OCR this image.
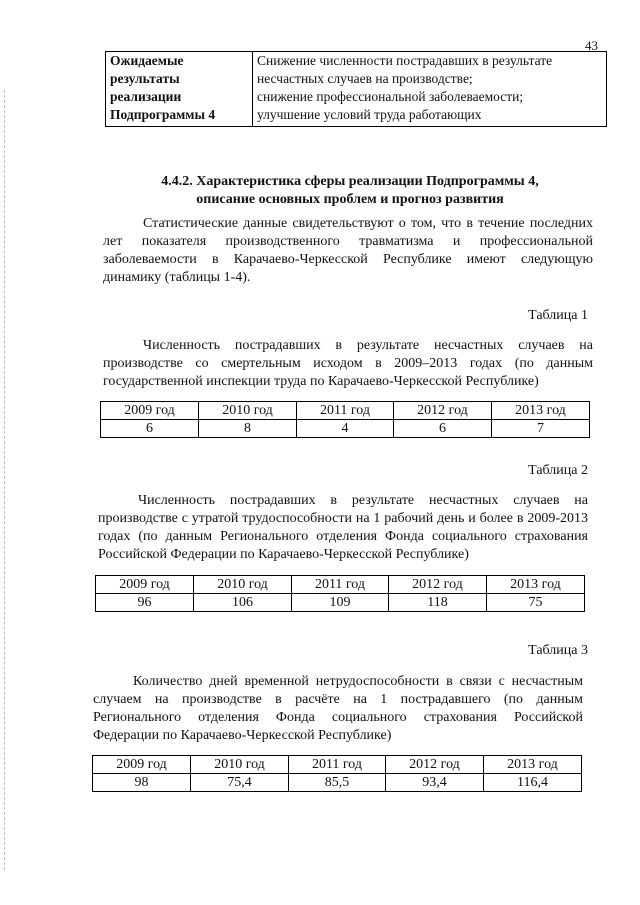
43
Ожидаемые
результаты
реализации
Подпрограммы 4

Снижение численности пострадавших в результате
несчастных случаев на производстве;
снижение профессиональной заболеваемости;
улучшение условий труда работающих
4.4.2. Характеристика сферы реализации Подпрограммы 4,
описание основных проблем и прогноз развития
Статистические данные свидетельствуют о том, что в течение последних лет показателя производственного травматизма и профессиональной заболеваемости в Карачаево-Черкесской Республике имеют следующую динамику (таблицы 1-4).
Таблица 1
Численность пострадавших в результате несчастных случаев на производстве со смертельным исходом в 2009–2013 годах (по данным государственной инспекции труда по Карачаево-Черкесской Республике)
2009 год	2010 год	2011 год	2012 год	2013 год
6	8	4	6	7
Таблица 2
Численность пострадавших в результате несчастных случаев на производстве с утратой трудоспособности на 1 рабочий день и более в 2009-2013 годах (по данным Регионального отделения Фонда социального страхования Российской Федерации по Карачаево-Черкесской Республике)
2009 год	2010 год	2011 год	2012 год	2013 год
96	106	109	118	75
Таблица 3
Количество дней временной нетрудоспособности в связи с несчастным случаем на производстве в расчёте на 1 пострадавшего (по данным Регионального отделения Фонда социального страхования Российской Федерации по Карачаево-Черкесской Республике)
2009 год	2010 год	2011 год	2012 год	2013 год
98	75,4	85,5	93,4	116,4
